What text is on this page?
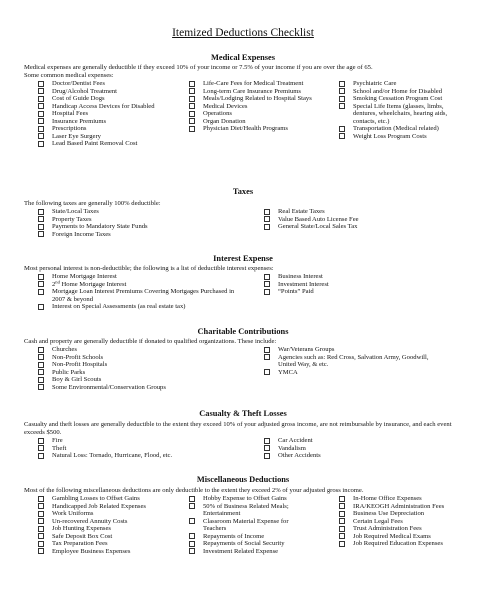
Itemized Deductions Checklist
Medical Expenses
Medical expenses are generally deductible if they exceed 10% of your income or 7.5% of your income if you are over the age of 65.
Some common medical expenses:
Doctor/Dentist Fees
Drug/Alcohol Treatment
Cost of Guide Dogs
Handicap Access Devices for Disabled
Hospital Fees
Insurance Premiums
Prescriptions
Laser Eye Surgery
Lead Based Paint Removal Cost
Life-Care Fees for Medical Treatment
Long-term Care Insurance Premiums
Meals/Lodging Related to Hospital Stays
Medical Devices
Operations
Organ Donation
Physician Diet/Health Programs
Psychiatric Care
School and/or Home for Disabled
Smoking Cessation Program Cost
Special Life Items (glasses, limbs, dentures, wheelchairs, hearing aids, contacts, etc.)
Transportation (Medical related)
Weight Loss Program Costs
Taxes
The following taxes are generally 100% deductible:
State/Local Taxes
Property Taxes
Payments to Mandatory State Funds
Foreign Income Taxes
Real Estate Taxes
Value Based Auto License Fee
General State/Local Sales Tax
Interest Expense
Most personal interest is non-deductible; the following is a list of deductible interest expenses:
Home Mortgage Interest
2nd Home Mortgage Interest
Mortgage Loan Interest Premiums Covering Mortgages Purchased in 2007 & beyond
Interest on Special Assessments (as real estate tax)
Business Interest
Investment Interest
“Points” Paid
Charitable Contributions
Cash and property are generally deductible if donated to qualified organizations. These include:
Churches
Non-Profit Schools
Non-Profit Hospitals
Public Parks
Boy & Girl Scouts
Some Environmental/Conservation Groups
War/Veterans Groups
Agencies such as: Red Cross, Salvation Army, Goodwill, United Way, & etc.
YMCA
Casualty & Theft Losses
Casualty and theft losses are generally deductible to the extent they exceed 10% of your adjusted gross income, are not reimbursable by insurance, and each event exceeds $500.
Fire
Theft
Natural Loss: Tornado, Hurricane, Flood, etc.
Car Accident
Vandalism
Other Accidents
Miscellaneous Deductions
Most of the following miscellaneous deductions are only deductible to the extent they exceed 2% of your adjusted gross income.
Gambling Losses to Offset Gains
Handicapped Job Related Expenses
Work Uniforms
Un-recovered Annuity Costs
Job Hunting Expenses
Safe Deposit Box Cost
Tax Preparation Fees
Employee Business Expenses
Hobby Expense to Offset Gains
50% of Business Related Meals; Entertainment
Classroom Material Expense for Teachers
Repayments of Income
Repayments of Social Security
Investment Related Expense
In-Home Office Expenses
IRA/KEOGH Administration Fees
Business Use Depreciation
Certain Legal Fees
Trust Administration Fees
Job Required Medical Exams
Job Required Education Expenses
